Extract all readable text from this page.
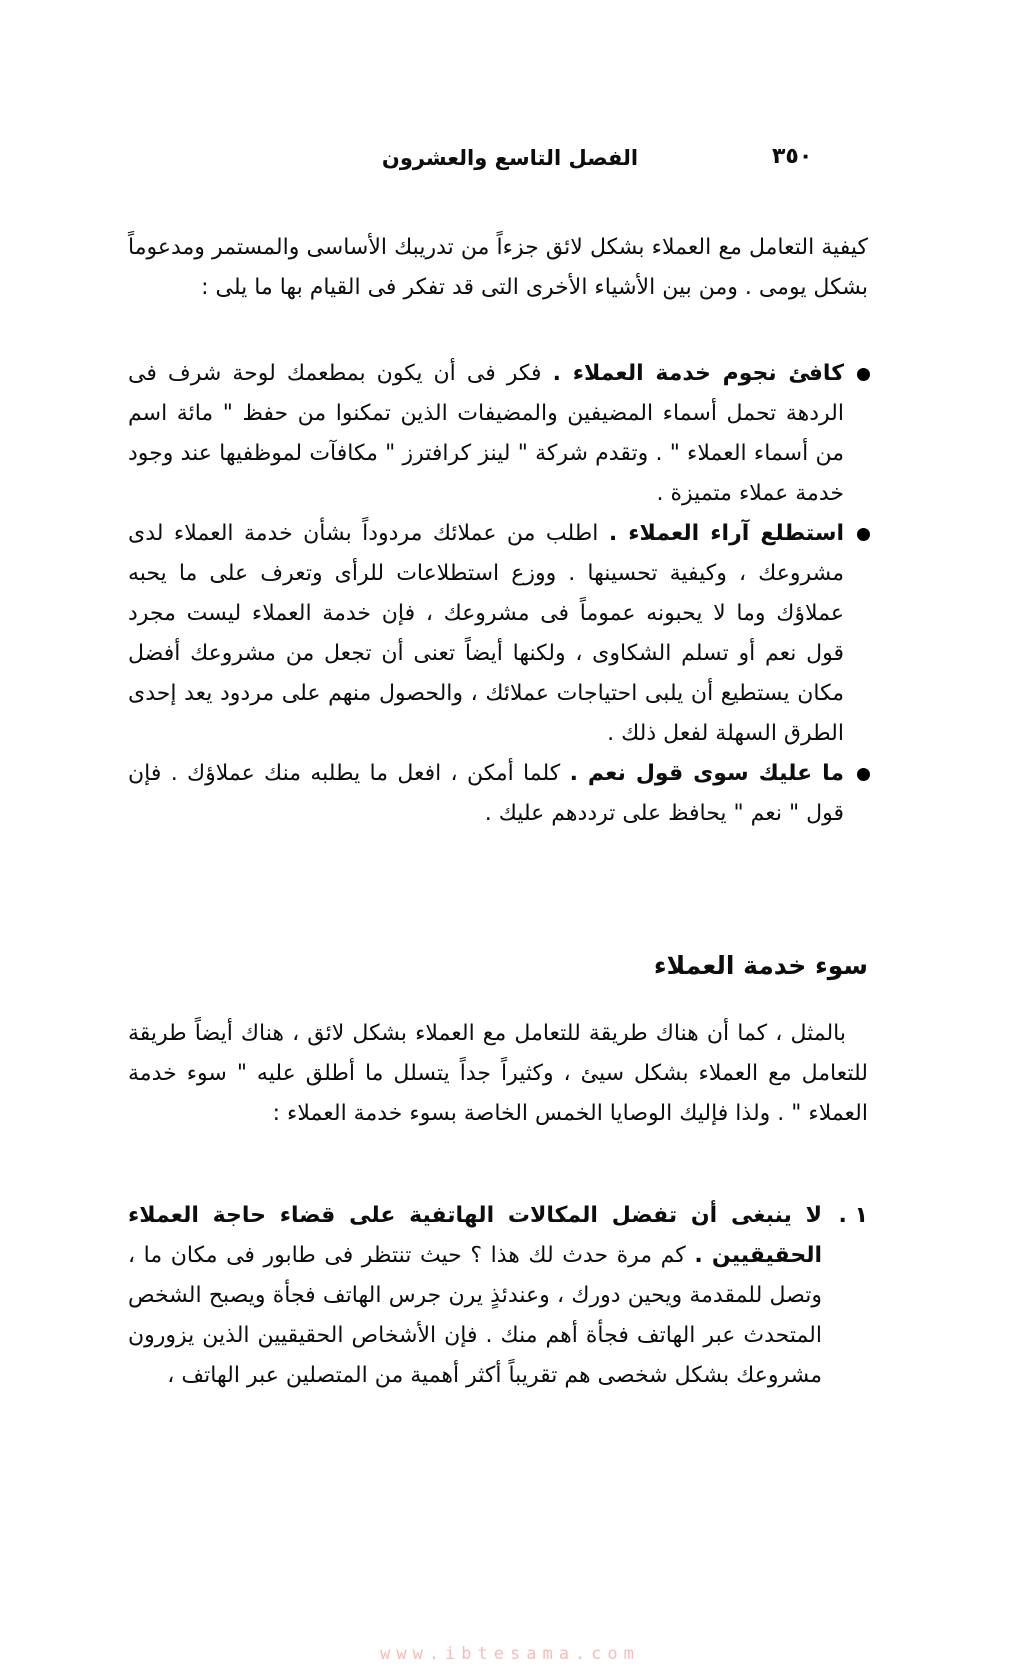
الفصل التاسع والعشرون	٣٥٠

كيفية التعامل مع العملاء بشكل لائق جزءاً من تدريبك الأساسى والمستمر ومدعوماً بشكل يومى . ومن بين الأشياء الأخرى التى قد تفكر فى القيام بها ما يلى :

كافئ نجوم خدمة العملاء . فكر فى أن يكون بمطعمك لوحة شرف فى الردهة تحمل أسماء المضيفين والمضيفات الذين تمكنوا من حفظ " مائة اسم من أسماء العملاء " . وتقدم شركة " لينز كرافترز " مكافآت لموظفيها عند وجود خدمة عملاء متميزة .

استطلع آراء العملاء . اطلب من عملائك مردوداً بشأن خدمة العملاء لدى مشروعك ، وكيفية تحسينها . ووزع استطلاعات للرأى وتعرف على ما يحبه عملاؤك وما لا يحبونه عموماً فى مشروعك ، فإن خدمة العملاء ليست مجرد قول نعم أو تسلم الشكاوى ، ولكنها أيضاً تعنى أن تجعل من مشروعك أفضل مكان يستطيع أن يلبى احتياجات عملائك ، والحصول منهم على مردود يعد إحدى الطرق السهلة لفعل ذلك .

ما عليك سوى قول نعم . كلما أمكن ، افعل ما يطلبه منك عملاؤك . فإن قول " نعم " يحافظ على ترددهم عليك .

سوء خدمة العملاء

بالمثل ، كما أن هناك طريقة للتعامل مع العملاء بشكل لائق ، هناك أيضاً طريقة للتعامل مع العملاء بشكل سيئ ، وكثيراً جداً يتسلل ما أطلق عليه " سوء خدمة العملاء " . ولذا فإليك الوصايا الخمس الخاصة بسوء خدمة العملاء :

١ .

لا ينبغى أن تفضل المكالات الهاتفية على قضاء حاجة العملاء الحقيقيين . كم مرة حدث لك هذا ؟ حيث تنتظر فى طابور فى مكان ما ، وتصل للمقدمة ويحين دورك ، وعندئذٍ يرن جرس الهاتف فجأة ويصبح الشخص المتحدث عبر الهاتف فجأة أهم منك . فإن الأشخاص الحقيقيين الذين يزورون مشروعك بشكل شخصى هم تقريباً أكثر أهمية من المتصلين عبر الهاتف ،

www.ibtesama.com
